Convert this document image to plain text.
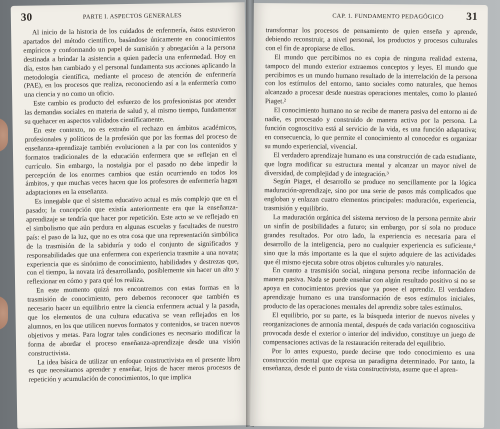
30	PARTE I. ASPECTOS GENERALES

Al inicio de la historia de los cuidados de enfermería, éstos estuvieron apartados del método científico, basándose únicamente en conocimientos empíricos y conformando un papel de sumisión y abnegación a la persona destinada a brindar la asistencia a quien padecía una enfermedad. Hoy en día, estos han cambiado y el personal fundamenta sus acciones aplicando la metodología científica, mediante el proceso de atención de enfermería (PAE), en los procesos que realiza, reconociendo así a la enfermería como una ciencia y no como un oficio.

Este cambio es producto del esfuerzo de los profesionistas por atender las demandas sociales en materia de salud y, al mismo tiempo, fundamentar su quehacer en aspectos validados científicamente.

En este contexto, no es extraño el rechazo en ámbitos académicos, profesionales y políticos de la profesión que por las formas del proceso de enseñanza-aprendizaje también evolucionen a la par con los contenidos y formatos tradicionales de la educación enfermera que se reflejan en el currículo. Sin embargo, la nostalgia por el pasado no debe impedir la percepción de los enormes cambios que están ocurriendo en todos los ámbitos, y que muchas veces hacen que los profesores de enfermería hagan adaptaciones en la enseñanza.

Es innegable que el sistema educativo actual es más complejo que en el pasado; la concepción que existía anteriormente era que la enseñanza-aprendizaje se tendría que hacer por repetición. Este acto se ve reflejado en el simbolismo que aún perdura en algunas escuelas y facultades de nuestro país: el paso de la luz, que no es otra cosa que una representación simbólica de la trasmisión de la sabiduría y todo el conjunto de significados y responsabilidades que una enfermera con experiencia trasmite a una novata; experiencia que es sinónimo de conocimiento, habilidades y destrezas que, con el tiempo, la novata irá desarrollando, posiblemente sin hacer un alto y reflexionar en cómo y para qué los realiza.

En este momento quizá nos encontremos con estas formas en la trasmisión de conocimiento, pero debemos reconocer que también es necesario hacer un equilibrio entre la ciencia enfermera actual y la pasada, que los elementos de una cultura educativa se vean reflejados en los alumnos, en los que utilicen nuevos formatos y contenidos, se tracen nuevos objetivos y metas. Para lograr tales condiciones es necesario modificar la forma de abordar el proceso enseñanza-aprendizaje desde una visión constructivista.

La idea básica de utilizar un enfoque constructivista en el presente libro es que necesitamos aprender y enseñar, lejos de hacer meros procesos de repetición y acumulación de conocimientos, lo que implica

CAP. 1. FUNDAMENTO PEDAGÓGICO 31

transformar los procesos de pensamiento de quien enseña y aprende, debiendo reconstruir, a nivel personal, los productos y procesos culturales con el fin de apropiarse de ellos.

El mundo que percibimos no es copia de ninguna realidad externa, tampoco del mundo exterior extraemos conceptos y leyes. El mundo que percibimos es un mundo humano resultado de la interrelación de la persona con los estímulos del entorno, tanto sociales como naturales, que hemos alcanzado a procesar desde nuestras operaciones mentales, como lo planteó Piaget.²

El conocimiento humano no se recibe de manera pasiva del entorno ni de nadie, es procesado y construido de manera activa por la persona. La función cognoscitiva está al servicio de la vida, es una función adaptativa; en consecuencia, lo que permite el conocimiento al conocedor es organizar su mundo experiencial, vivencial.

El verdadero aprendizaje humano es una construcción de cada estudiante, que logra modificar su estructura mental y alcanzar un mayor nivel de diversidad, de complejidad y de integración.³

Según Piaget, el desarrollo se produce no sencillamente por la lógica maduración-aprendizaje, sino por una serie de pasos más complicados que engloban y enlazan cuatro elementos principales: maduración, experiencia, trasmisión y equilibrio.

La maduración orgánica del sistema nervioso de la persona permite abrir un sinfín de posibilidades a futuro; sin embargo, por sí sola no produce grandes resultados. Por otro lado, la experiencia es necesaria para el desarrollo de la inteligencia, pero no cualquier experiencia es suficiente,⁴ sino que la más importante es la que el sujeto adquiere de las actividades que él mismo ejecuta sobre otros objetos culturales y/o naturales.

En cuanto a trasmisión social, ninguna persona recibe información de manera pasiva. Nada se puede enseñar con algún resultado positivo si no se apoya en conocimientos previos que ya posee el aprendiz. El verdadero aprendizaje humano es una transformación de esos estímulos iniciales, producto de las operaciones mentales del aprendiz sobre tales estímulos.

El equilibrio, por su parte, es la búsqueda interior de nuevos niveles y reorganizaciones de armonía mental, después de cada variación cognoscitiva provocada desde el exterior o interior del individuo, constituye un juego de compensaciones activas de la restauración reiterada del equilibrio.

Por lo antes expuesto, puede decirse que todo conocimiento es una construcción mental que expresa un paradigma determinado. Por tanto, la enseñanza, desde el punto de vista constructivista, asume que el apren-
